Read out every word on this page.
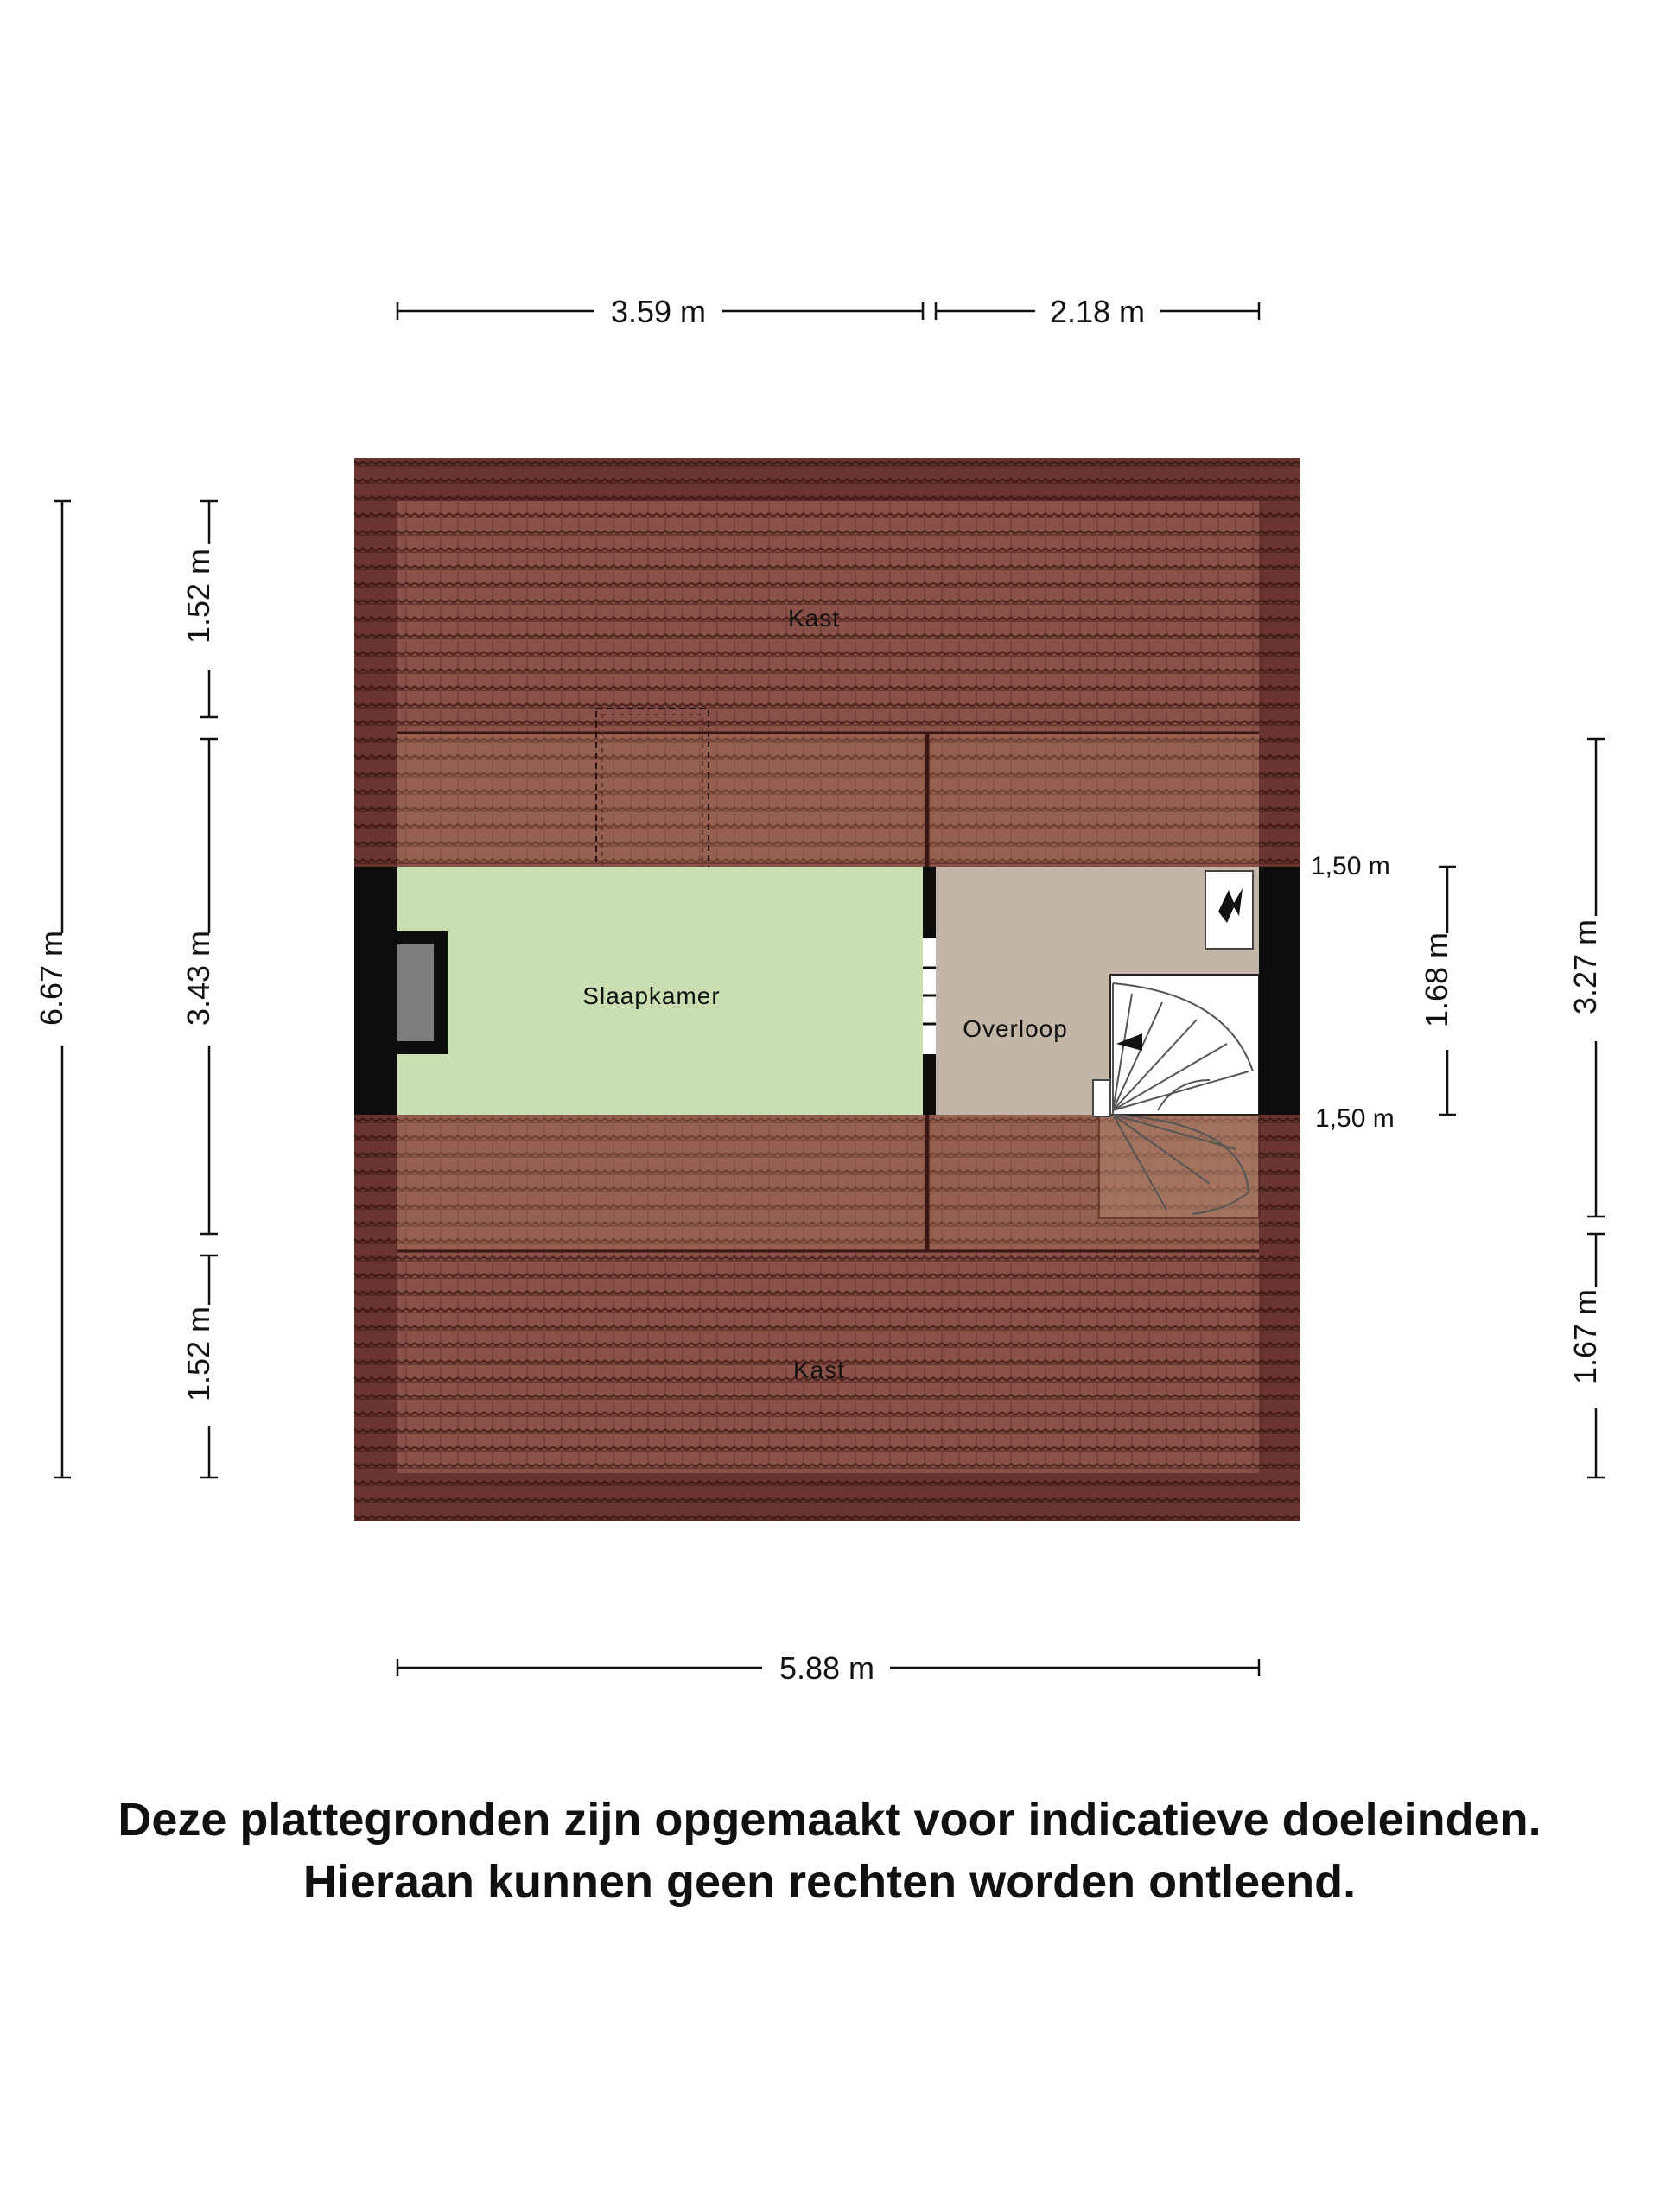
Kast
Slaapkamer
Overloop
Kast
1,50 m
1,50 m
3.59 m	2.18 m
5.88 m
6.67 m
1.52 m
3.43 m
1.52 m
1.68 m	3.27 m
1.67 m
Deze plattegronden zijn opgemaakt voor indicatieve doeleinden.
Hieraan kunnen geen rechten worden ontleend.
